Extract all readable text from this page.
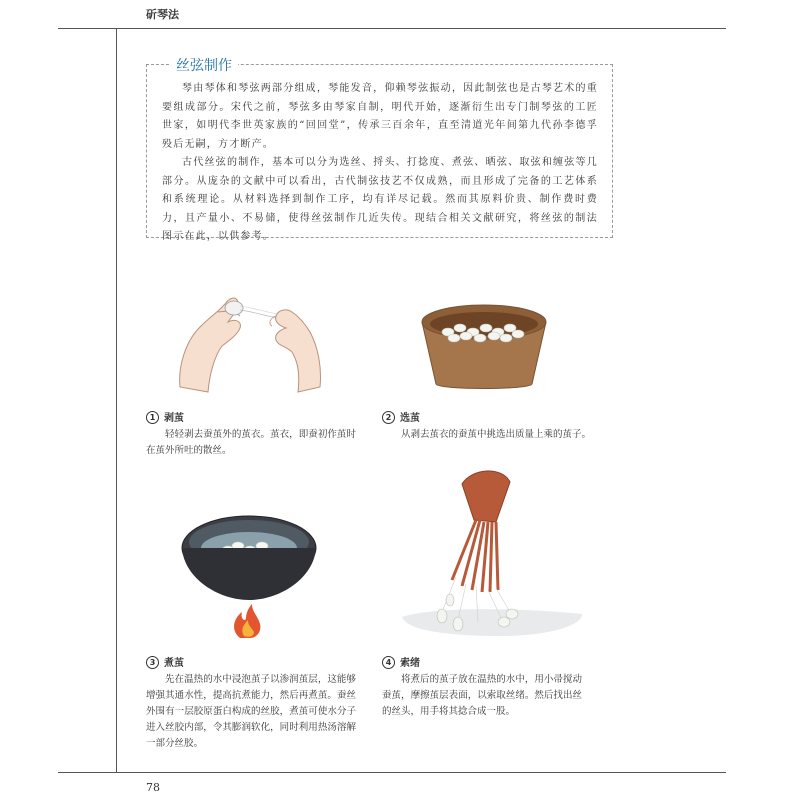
斫琴法
78
丝弦制作

琴由琴体和琴弦两部分组成，琴能发音，仰赖琴弦振动，因此制弦也是古琴艺术的重要组成部分。宋代之前，琴弦多由琴家自制，明代开始，逐渐衍生出专门制琴弦的工匠世家，如明代李世英家族的“回回堂”，传承三百余年，直至清道光年间第九代孙李德孚殁后无嗣，方才断产。

古代丝弦的制作，基本可以分为选丝、捋头、打捻度、煮弦、晒弦、取弦和缠弦等几部分。从庞杂的文献中可以看出，古代制弦技艺不仅成熟，而且形成了完备的工艺体系和系统理论。从材料选择到制作工序，均有详尽记载。然而其原料价贵、制作费时费力，且产量小、不易储，使得丝弦制作几近失传。现结合相关文献研究，将丝弦的制法图示在此，以供参考。

1 剥茧

轻轻剥去蚕茧外的茧衣。茧衣，即蚕初作茧时在茧外所吐的散丝。

2 选茧

从剥去茧衣的蚕茧中挑选出质量上乘的茧子。

3 煮茧

先在温热的水中浸泡茧子以渗润茧层，这能够增强其通水性，提高抗煮能力，然后再煮茧。蚕丝外围有一层胶原蛋白构成的丝胶，煮茧可使水分子进入丝胶内部，令其膨润软化，同时利用热汤溶解一部分丝胶。

4 索绪

将煮后的茧子放在温热的水中，用小帚搅动蚕茧，摩擦茧层表面，以索取丝绪。然后找出丝的丝头，用手将其捻合成一股。
